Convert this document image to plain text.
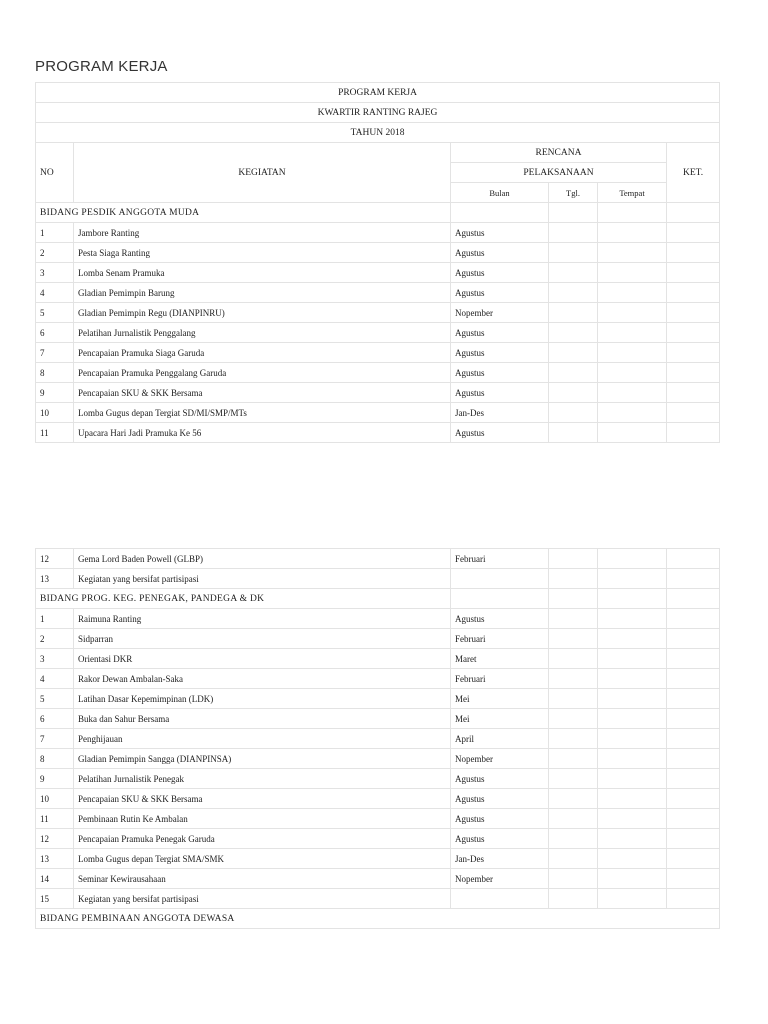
PROGRAM KERJA
PROGRAM KERJA					
KWARTIR RANTING RAJEG					
TAHUN 2018					
NO	KEGIATAN	RENCANA			KET.
		PELAKSANAAN			
		Bulan	Tgl.	Tempat	
BIDANG PESDIK ANGGOTA MUDA					
1	Jambore Ranting	Agustus			
2	Pesta Siaga Ranting	Agustus			
3	Lomba Senam Pramuka	Agustus			
4	Gladian Pemimpin Barung	Agustus			
5	Gladian Pemimpin Regu (DIANPINRU)	Nopember			
6	Pelatihan Jurnalistik Penggalang	Agustus			
7	Pencapaian Pramuka Siaga Garuda	Agustus			
8	Pencapaian Pramuka Penggalang Garuda	Agustus			
9	Pencapaian SKU & SKK Bersama	Agustus			
10	Lomba Gugus depan Tergiat SD/MI/SMP/MTs	Jan-Des			
11	Upacara Hari Jadi Pramuka Ke 56	Agustus			
12	Gema Lord Baden Powell (GLBP)	Februari			
13	Kegiatan yang bersifat partisipasi				
BIDANG PROG. KEG. PENEGAK, PANDEGA & DK					
1	Raimuna Ranting	Agustus			
2	Sidparran	Februari			
3	Orientasi DKR	Maret			
4	Rakor Dewan Ambalan-Saka	Februari			
5	Latihan Dasar Kepemimpinan (LDK)	Mei			
6	Buka dan Sahur Bersama	Mei			
7	Penghijauan	April			
8	Gladian Pemimpin Sangga (DIANPINSA)	Nopember			
9	Pelatihan Jurnalistik Penegak	Agustus			
10	Pencapaian SKU & SKK Bersama	Agustus			
11	Pembinaan Rutin Ke Ambalan	Agustus			
12	Pencapaian Pramuka Penegak Garuda	Agustus			
13	Lomba Gugus depan Tergiat SMA/SMK	Jan-Des			
14	Seminar Kewirausahaan	Nopember			
15	Kegiatan yang bersifat partisipasi				
BIDANG PEMBINAAN ANGGOTA DEWASA					
